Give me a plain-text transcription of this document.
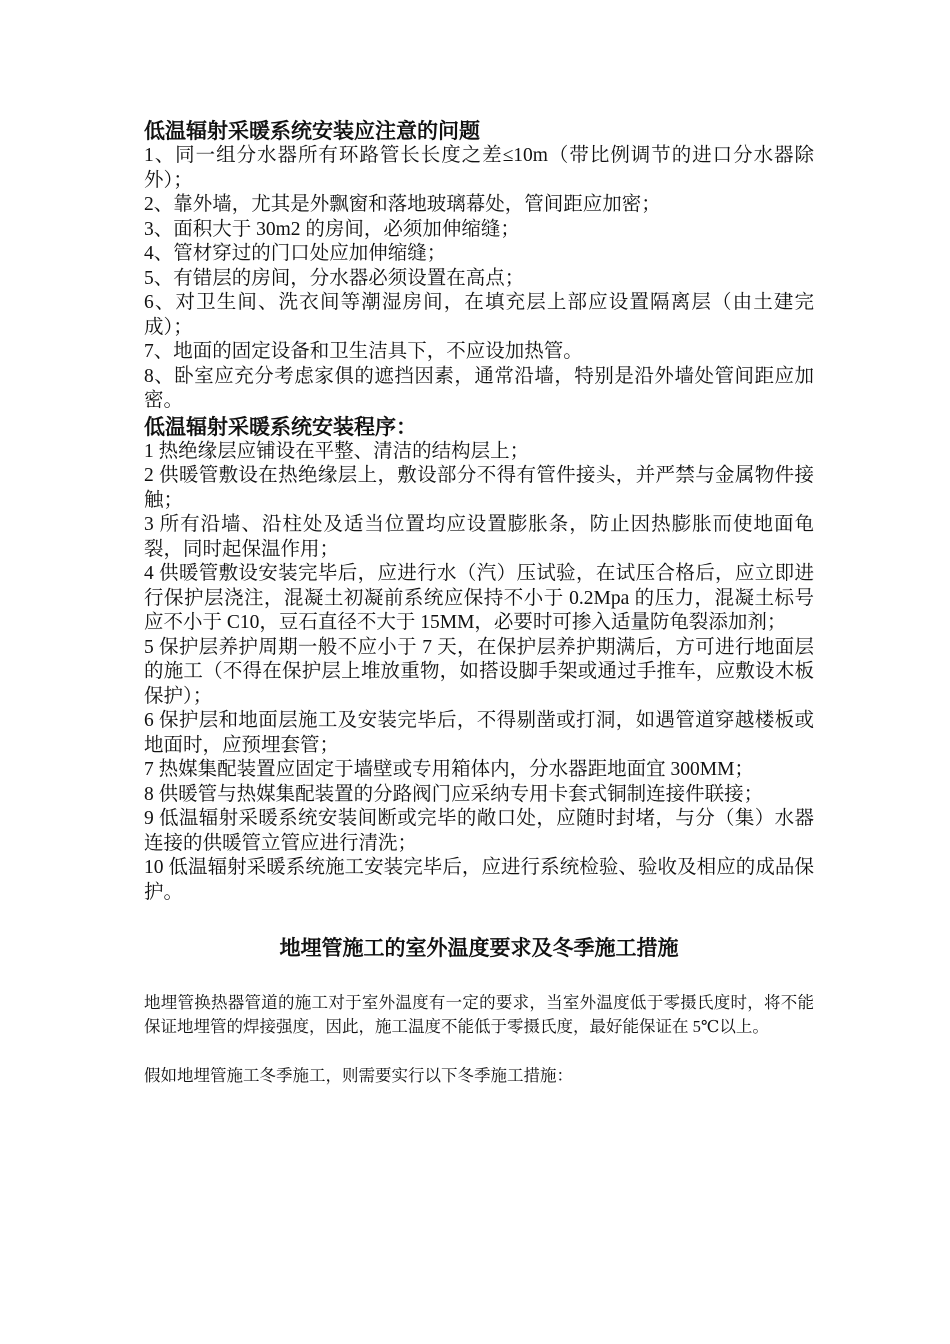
低温辐射采暖系统安装应注意的问题

1、同一组分水器所有环路管长长度之差≤10m（带比例调节的进口分水器除外）；

2、靠外墙，尤其是外飘窗和落地玻璃幕处，管间距应加密；

3、面积大于 30m2 的房间，必须加伸缩缝；

4、管材穿过的门口处应加伸缩缝；

5、有错层的房间，分水器必须设置在高点；

6、对卫生间、洗衣间等潮湿房间，在填充层上部应设置隔离层（由土建完成）；

7、地面的固定设备和卫生洁具下，不应设加热管。

8、卧室应充分考虑家俱的遮挡因素，通常沿墙，特别是沿外墙处管间距应加密。

低温辐射采暖系统安装程序：

1 热绝缘层应铺设在平整、清洁的结构层上；

2 供暖管敷设在热绝缘层上，敷设部分不得有管件接头，并严禁与金属物件接触；

3 所有沿墙、沿柱处及适当位置均应设置膨胀条，防止因热膨胀而使地面龟裂，同时起保温作用；

4 供暖管敷设安装完毕后，应进行水（汽）压试验，在试压合格后，应立即进行保护层浇注，混凝土初凝前系统应保持不小于 0.2Mpa 的压力，混凝土标号应不小于 C10，豆石直径不大于 15MM，必要时可掺入适量防龟裂添加剂；

5 保护层养护周期一般不应小于 7 天，在保护层养护期满后，方可进行地面层的施工（不得在保护层上堆放重物，如搭设脚手架或通过手推车，应敷设木板保护）；

6 保护层和地面层施工及安装完毕后，不得剔凿或打洞，如遇管道穿越楼板或地面时，应预埋套管；

7 热媒集配装置应固定于墙壁或专用箱体内，分水器距地面宜 300MM；

8 供暖管与热媒集配装置的分路阀门应采纳专用卡套式铜制连接件联接；

9 低温辐射采暖系统安装间断或完毕的敞口处，应随时封堵，与分（集）水器连接的供暖管立管应进行清洗；

10 低温辐射采暖系统施工安装完毕后，应进行系统检验、验收及相应的成品保护。

地埋管施工的室外温度要求及冬季施工措施

地埋管换热器管道的施工对于室外温度有一定的要求，当室外温度低于零摄氏度时，将不能保证地埋管的焊接强度，因此，施工温度不能低于零摄氏度，最好能保证在 5℃以上。

假如地埋管施工冬季施工，则需要实行以下冬季施工措施：
